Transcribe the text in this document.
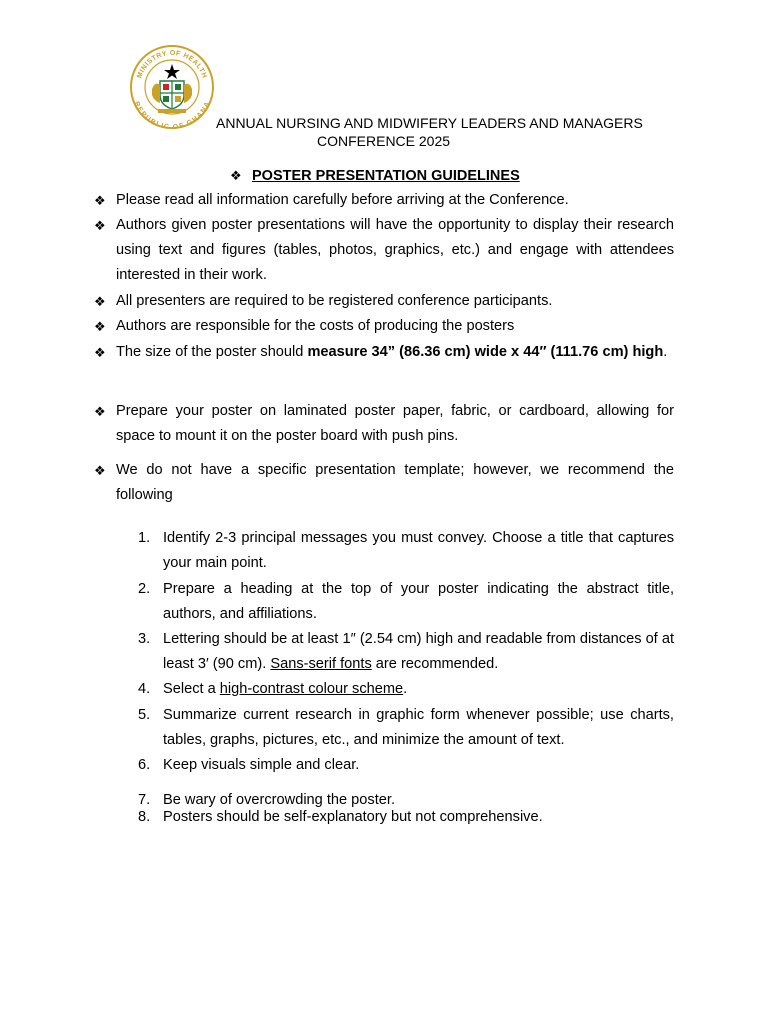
MINISTRY OF HEALTH
REPUBLIC OF GHANA
ANNUAL NURSING AND MIDWIFERY LEADERS AND MANAGERS
CONFERENCE 2025
❖ POSTER PRESENTATION GUIDELINES
❖ Please read all information carefully before arriving at the Conference.
❖ Authors given poster presentations will have the opportunity to display their research using text and figures (tables, photos, graphics, etc.) and engage with attendees interested in their work.
❖ All presenters are required to be registered conference participants.
❖ Authors are responsible for the costs of producing the posters
❖ The size of the poster should measure 34” (86.36 cm) wide x 44″ (111.76 cm) high.
❖ Prepare your poster on laminated poster paper, fabric, or cardboard, allowing for space to mount it on the poster board with push pins.
❖ We do not have a specific presentation template; however, we recommend the following
1. Identify 2-3 principal messages you must convey. Choose a title that captures your main point.
2. Prepare a heading at the top of your poster indicating the abstract title, authors, and affiliations.
3. Lettering should be at least 1″ (2.54 cm) high and readable from distances of at least 3′ (90 cm). Sans-serif fonts are recommended.
4. Select a high-contrast colour scheme.
5. Summarize current research in graphic form whenever possible; use charts, tables, graphs, pictures, etc., and minimize the amount of text.
6. Keep visuals simple and clear.
7. Be wary of overcrowding the poster.
8. Posters should be self-explanatory but not comprehensive.
